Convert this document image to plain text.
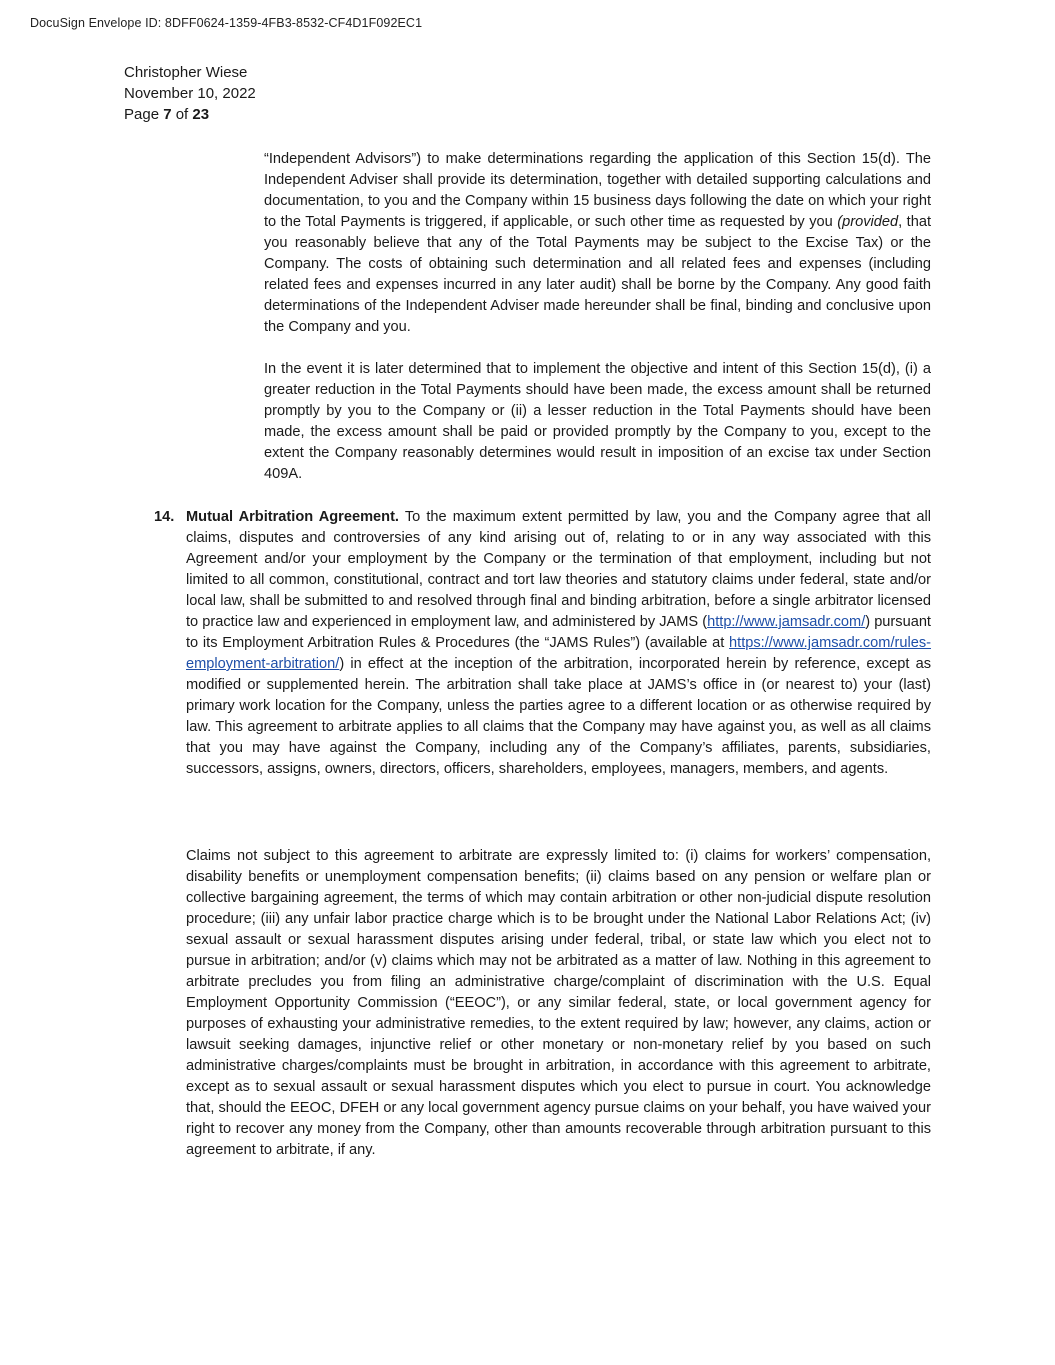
DocuSign Envelope ID: 8DFF0624-1359-4FB3-8532-CF4D1F092EC1
Christopher Wiese
November 10, 2022
Page 7 of 23
“Independent Advisors”) to make determinations regarding the application of this Section 15(d). The Independent Adviser shall provide its determination, together with detailed supporting calculations and documentation, to you and the Company within 15 business days following the date on which your right to the Total Payments is triggered, if applicable, or such other time as requested by you (provided, that you reasonably believe that any of the Total Payments may be subject to the Excise Tax) or the Company. The costs of obtaining such determination and all related fees and expenses (including related fees and expenses incurred in any later audit) shall be borne by the Company. Any good faith determinations of the Independent Adviser made hereunder shall be final, binding and conclusive upon the Company and you.
In the event it is later determined that to implement the objective and intent of this Section 15(d), (i) a greater reduction in the Total Payments should have been made, the excess amount shall be returned promptly by you to the Company or (ii) a lesser reduction in the Total Payments should have been made, the excess amount shall be paid or provided promptly by the Company to you, except to the extent the Company reasonably determines would result in imposition of an excise tax under Section 409A.
14. Mutual Arbitration Agreement. To the maximum extent permitted by law, you and the Company agree that all claims, disputes and controversies of any kind arising out of, relating to or in any way associated with this Agreement and/or your employment by the Company or the termination of that employment, including but not limited to all common, constitutional, contract and tort law theories and statutory claims under federal, state and/or local law, shall be submitted to and resolved through final and binding arbitration, before a single arbitrator licensed to practice law and experienced in employment law, and administered by JAMS (http://www.jamsadr.com/) pursuant to its Employment Arbitration Rules & Procedures (the “JAMS Rules”) (available at https://www.jamsadr.com/rules-employment-arbitration/) in effect at the inception of the arbitration, incorporated herein by reference, except as modified or supplemented herein. The arbitration shall take place at JAMS’s office in (or nearest to) your (last) primary work location for the Company, unless the parties agree to a different location or as otherwise required by law. This agreement to arbitrate applies to all claims that the Company may have against you, as well as all claims that you may have against the Company, including any of the Company’s affiliates, parents, subsidiaries, successors, assigns, owners, directors, officers, shareholders, employees, managers, members, and agents.
Claims not subject to this agreement to arbitrate are expressly limited to: (i) claims for workers’ compensation, disability benefits or unemployment compensation benefits; (ii) claims based on any pension or welfare plan or collective bargaining agreement, the terms of which may contain arbitration or other non-judicial dispute resolution procedure; (iii) any unfair labor practice charge which is to be brought under the National Labor Relations Act; (iv) sexual assault or sexual harassment disputes arising under federal, tribal, or state law which you elect not to pursue in arbitration; and/or (v) claims which may not be arbitrated as a matter of law. Nothing in this agreement to arbitrate precludes you from filing an administrative charge/complaint of discrimination with the U.S. Equal Employment Opportunity Commission (“EEOC”), or any similar federal, state, or local government agency for purposes of exhausting your administrative remedies, to the extent required by law; however, any claims, action or lawsuit seeking damages, injunctive relief or other monetary or non-monetary relief by you based on such administrative charges/complaints must be brought in arbitration, in accordance with this agreement to arbitrate, except as to sexual assault or sexual harassment disputes which you elect to pursue in court. You acknowledge that, should the EEOC, DFEH or any local government agency pursue claims on your behalf, you have waived your right to recover any money from the Company, other than amounts recoverable through arbitration pursuant to this agreement to arbitrate, if any.
